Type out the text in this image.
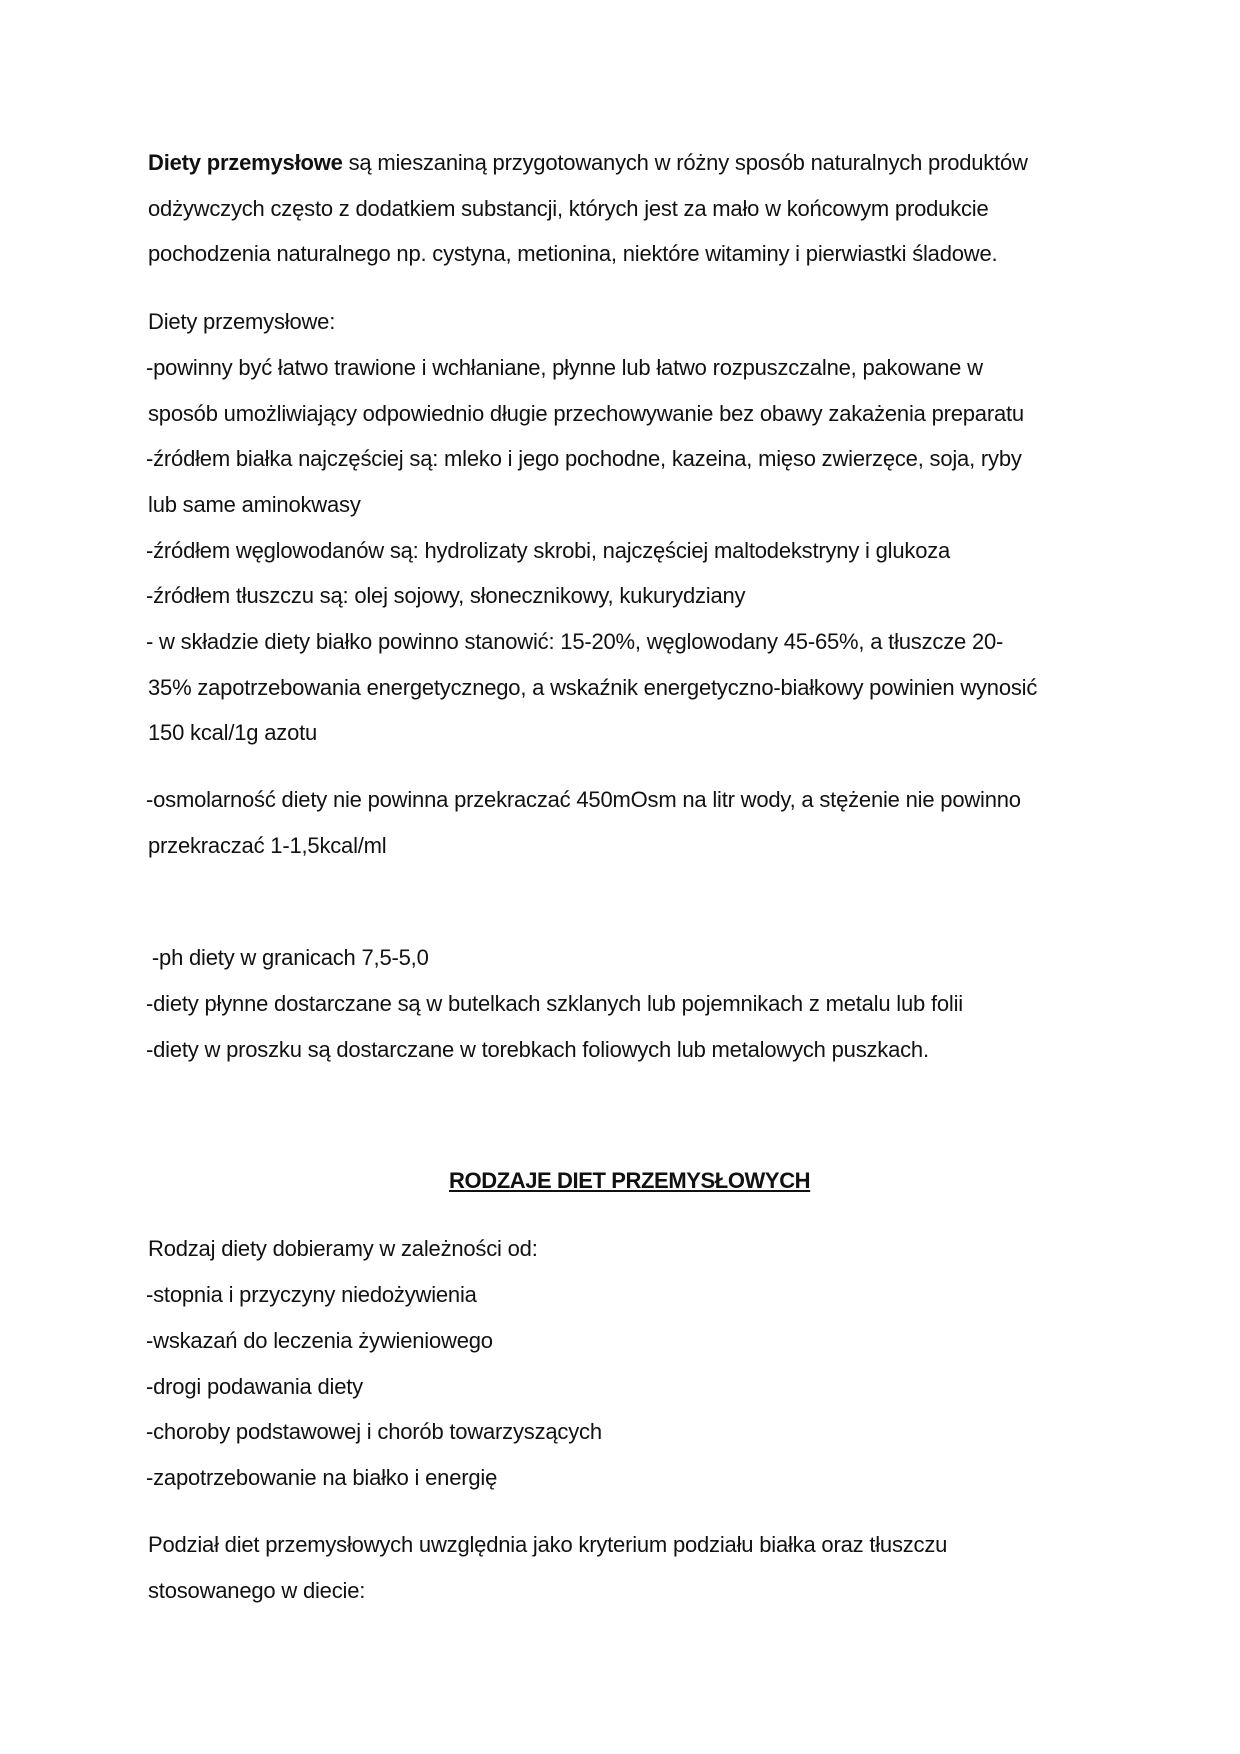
Diety przemysłowe są mieszaniną przygotowanych w różny sposób naturalnych produktów
odżywczych często z dodatkiem substancji, których jest za mało w końcowym produkcie
pochodzenia naturalnego np. cystyna, metionina, niektóre witaminy i pierwiastki śladowe.
Diety przemysłowe:
-powinny być łatwo trawione i wchłaniane, płynne lub łatwo rozpuszczalne, pakowane w
sposób umożliwiający odpowiednio długie przechowywanie bez obawy zakażenia preparatu
-źródłem białka najczęściej są: mleko i jego pochodne, kazeina, mięso zwierzęce, soja, ryby
lub same aminokwasy
-źródłem węglowodanów są: hydrolizaty skrobi, najczęściej maltodekstryny i glukoza
-źródłem tłuszczu są: olej sojowy, słonecznikowy, kukurydziany
- w składzie diety białko powinno stanowić: 15-20%, węglowodany 45-65%, a tłuszcze 20-
35% zapotrzebowania energetycznego, a wskaźnik energetyczno-białkowy powinien wynosić
150 kcal/1g azotu
-osmolarność diety nie powinna przekraczać 450mOsm na litr wody, a stężenie nie powinno
przekraczać 1-1,5kcal/ml
-ph diety w granicach 7,5-5,0
-diety płynne dostarczane są w butelkach szklanych lub pojemnikach z metalu lub folii
-diety w proszku są dostarczane w torebkach foliowych lub metalowych puszkach.
RODZAJE DIET PRZEMYSŁOWYCH
Rodzaj diety dobieramy w zależności od:
-stopnia i przyczyny niedożywienia
-wskazań do leczenia żywieniowego
-drogi podawania diety
-choroby podstawowej i chorób towarzyszących
-zapotrzebowanie na białko i energię
Podział diet przemysłowych uwzględnia jako kryterium podziału białka oraz tłuszczu
stosowanego w diecie:
